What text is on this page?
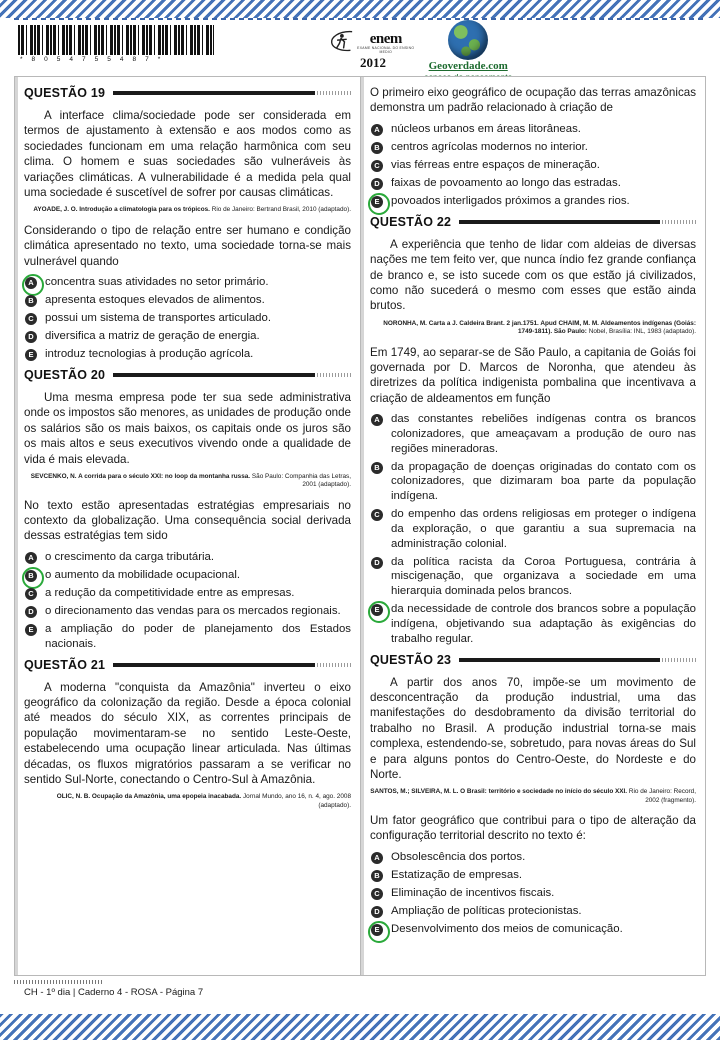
* 8 0 5 4 7 5 5 4 8 7 *
enem
EXAME NACIONAL DO ENSINO MEDIO
2012	Geoverdade.com
QUESTÃO 19

A interface clima/sociedade pode ser considerada em termos de ajustamento à extensão e aos modos como as sociedades funcionam em uma relação harmônica com seu clima. O homem e suas sociedades são vulneráveis às variações climáticas. A vulnerabilidade é a medida pela qual uma sociedade é suscetível de sofrer por causas climáticas.

AYOADE, J. O. Introdução a climatologia para os trópicos. Rio de Janeiro: Bertrand Brasil, 2010 (adaptado).

Considerando o tipo de relação entre ser humano e condição climática apresentado no texto, uma sociedade torna-se mais vulnerável quando

A concentra suas atividades no setor primário.
B apresenta estoques elevados de alimentos.
C possui um sistema de transportes articulado.
D diversifica a matriz de geração de energia.
E	introduz tecnologias à produção agrícola.
QUESTÃO 20

Uma mesma empresa pode ter sua sede administrativa onde os impostos são menores, as unidades de produção onde os salários são os mais baixos, os capitais onde os juros são os mais altos e seus executivos vivendo onde a qualidade de vida é mais elevada.

SEVCENKO, N. A corrida para o século XXI: no loop da montanha russa. São Paulo: Companhia das Letras, 2001 (adaptado).

No texto estão apresentadas estratégias empresariais no contexto da globalização. Uma consequência social derivada dessas estratégias tem sido

A o crescimento da carga tributária.
B o aumento da mobilidade ocupacional.
C a redução da competitividade entre as empresas.
D o direcionamento das vendas para os mercados regionais.
E	a ampliação do poder de planejamento dos Estados nacionais.
QUESTÃO 21

A moderna "conquista da Amazônia" inverteu o eixo geográfico da colonização da região. Desde a época colonial até meados do século XIX, as correntes principais de população movimentaram-se no sentido Leste-Oeste, estabelecendo uma ocupação linear articulada. Nas últimas décadas, os fluxos migratórios passaram a se verificar no sentido Sul-Norte, conectando o Centro-Sul à Amazônia.

OLIC, N. B. Ocupação da Amazônia, uma epopeia inacabada. Jornal Mundo, ano 16, n. 4, ago. 2008 (adaptado).

O primeiro eixo geográfico de ocupação das terras amazônicas demonstra um padrão relacionado à criação de

A núcleos urbanos em áreas litorâneas.
B centros agrícolas modernos no interior.
C vias férreas entre espaços de mineração.
D faixas de povoamento ao longo das estradas.
E	povoados interligados próximos a grandes rios.
QUESTÃO 22

A experiência que tenho de lidar com aldeias de diversas nações me tem feito ver, que nunca índio fez grande confiança de branco e, se isto sucede com os que estão já civilizados, como não sucederá o mesmo com esses que estão ainda brutos.

NORONHA, M. Carta a J. Caldeira Brant. 2 jan.1751. Apud CHAIM, M. M. Aldeamentos indígenas (Goiás: 1749-1811). São Paulo: Nobel, Brasília: INL, 1983 (adaptado).

Em 1749, ao separar-se de São Paulo, a capitania de Goiás foi governada por D. Marcos de Noronha, que atendeu às diretrizes da política indigenista pombalina que incentivava a criação de aldeamentos em função

A das constantes rebeliões indígenas contra os brancos colonizadores, que ameaçavam a produção de ouro nas regiões mineradoras.
B da propagação de doenças originadas do contato com os colonizadores, que dizimaram boa parte da população indígena.
C do empenho das ordens religiosas em proteger o indígena da exploração, o que garantiu a sua supremacia na administração colonial.
D da política racista da Coroa Portuguesa, contrária à miscigenação, que organizava a sociedade em uma hierarquia dominada pelos brancos.
E	da necessidade de controle dos brancos sobre a população indígena, objetivando sua adaptação às exigências do trabalho regular.
QUESTÃO 23

A partir dos anos 70, impõe-se um movimento de desconcentração da produção industrial, uma das manifestações do desdobramento da divisão territorial do trabalho no Brasil. A produção industrial torna-se mais complexa, estendendo-se, sobretudo, para novas áreas do Sul e para alguns pontos do Centro-Oeste, do Nordeste e do Norte.

SANTOS, M.; SILVEIRA, M. L. O Brasil: território e sociedade no início do século XXI. Rio de Janeiro: Record, 2002 (fragmento).

Um fator geográfico que contribui para o tipo de alteração da configuração territorial descrito no texto é:

A Obsolescência dos portos.
B Estatização de empresas.
C Eliminação de incentivos fiscais.
D Ampliação de políticas protecionistas.
E	Desenvolvimento dos meios de comunicação.
CH - 1º dia | Caderno 4 - ROSA - Página 7
